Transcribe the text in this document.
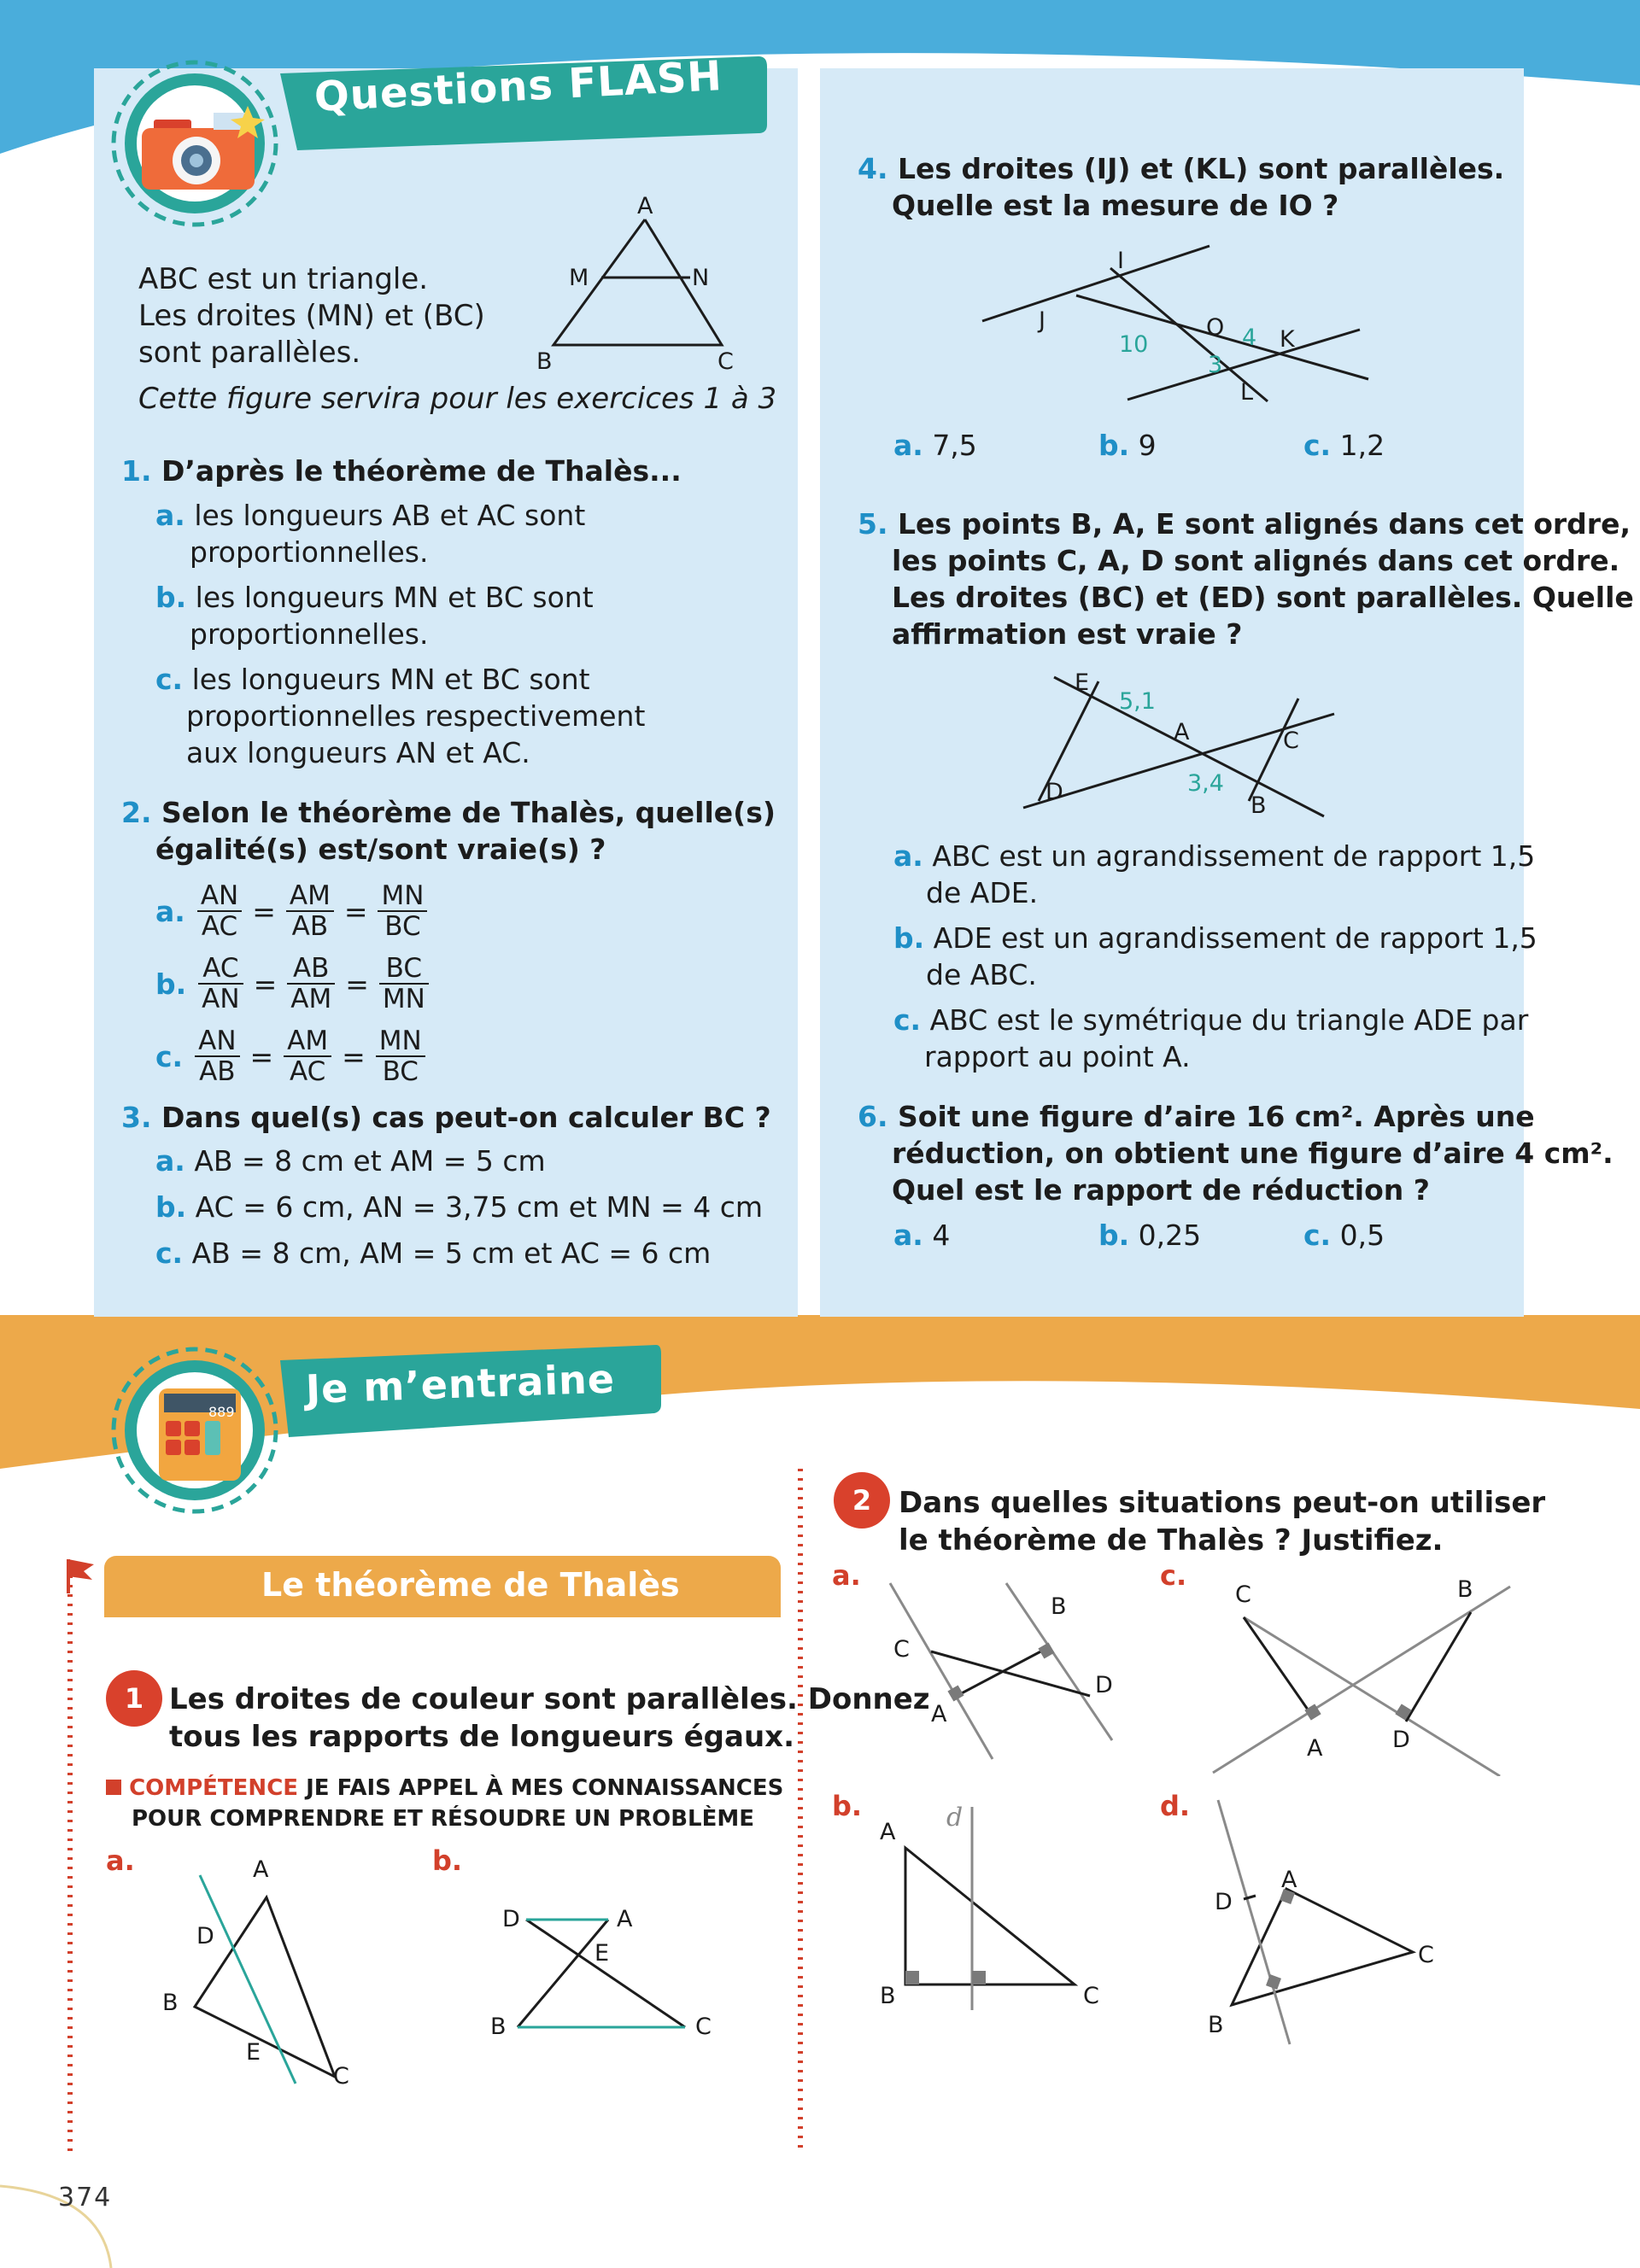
Questions FLASH
ABC est un triangle.
Les droites (MN) et (BC)
sont parallèles.
Cette figure servira pour les exercices 1 à 3
A
M	N
B	C
1. D’après le théorème de Thalès...
a. les longueurs AB et AC sont
proportionnelles.
b. les longueurs MN et BC sont
proportionnelles.
c. les longueurs MN et BC sont
proportionnelles respectivement
aux longueurs AN et AC.
2. Selon le théorème de Thalès, quelle(s)
égalité(s) est/sont vraie(s) ?
a. $\frac{AN}{AC} = \frac{AM}{AB} = \frac{MN}{BC}$
b. $\frac{AC}{AN} = \frac{AB}{AM} = \frac{BC}{MN}$
c. $\frac{AN}{AB} = \frac{AM}{AC} = \frac{MN}{BC}$
3. Dans quel(s) cas peut-on calculer BC ?
a. AB = 8 cm et AM = 5 cm
b. AC = 6 cm, AN = 3,75 cm et MN = 4 cm
c. AB = 8 cm, AM = 5 cm et AC = 6 cm
4. Les droites (IJ) et (KL) sont parallèles.
Quelle est la mesure de IO ?
I
J	O K
L
10	4
3
a. 7,5	b. 9	c. 1,2
5. Les points B, A, E sont alignés dans cet ordre,
les points C, A, D sont alignés dans cet ordre.
Les droites (BC) et (ED) sont parallèles. Quelle
affirmation est vraie ?
E
A	C
D
B
5,1
3,4
a. ABC est un agrandissement de rapport 1,5
de ADE.
b. ADE est un agrandissement de rapport 1,5
de ABC.
c. ABC est le symétrique du triangle ADE par
rapport au point A.
6. Soit une figure d’aire 16 cm². Après une
réduction, on obtient une figure d’aire 4 cm².
Quel est le rapport de réduction ?
a. 4	b. 0,25	c. 0,5
889 Je m’entraine
Le théorème de Thalès
1 Les droites de couleur sont parallèles. Donnez
tous les rapports de longueurs égaux.
COMPÉTENCE JE FAIS APPEL À MES CONNAISSANCES
POUR COMPRENDRE ET RÉSOUDRE UN PROBLÈME
a.	b.
A
D
B
E
C
D	A
E
B	C
2 Dans quelles situations peut-on utiliser
le théorème de Thalès ? Justifiez.
a.	c.
b.	d.
B
C
D
A
C	B
A	D
d
A
B	C
A
D
C
B
374
